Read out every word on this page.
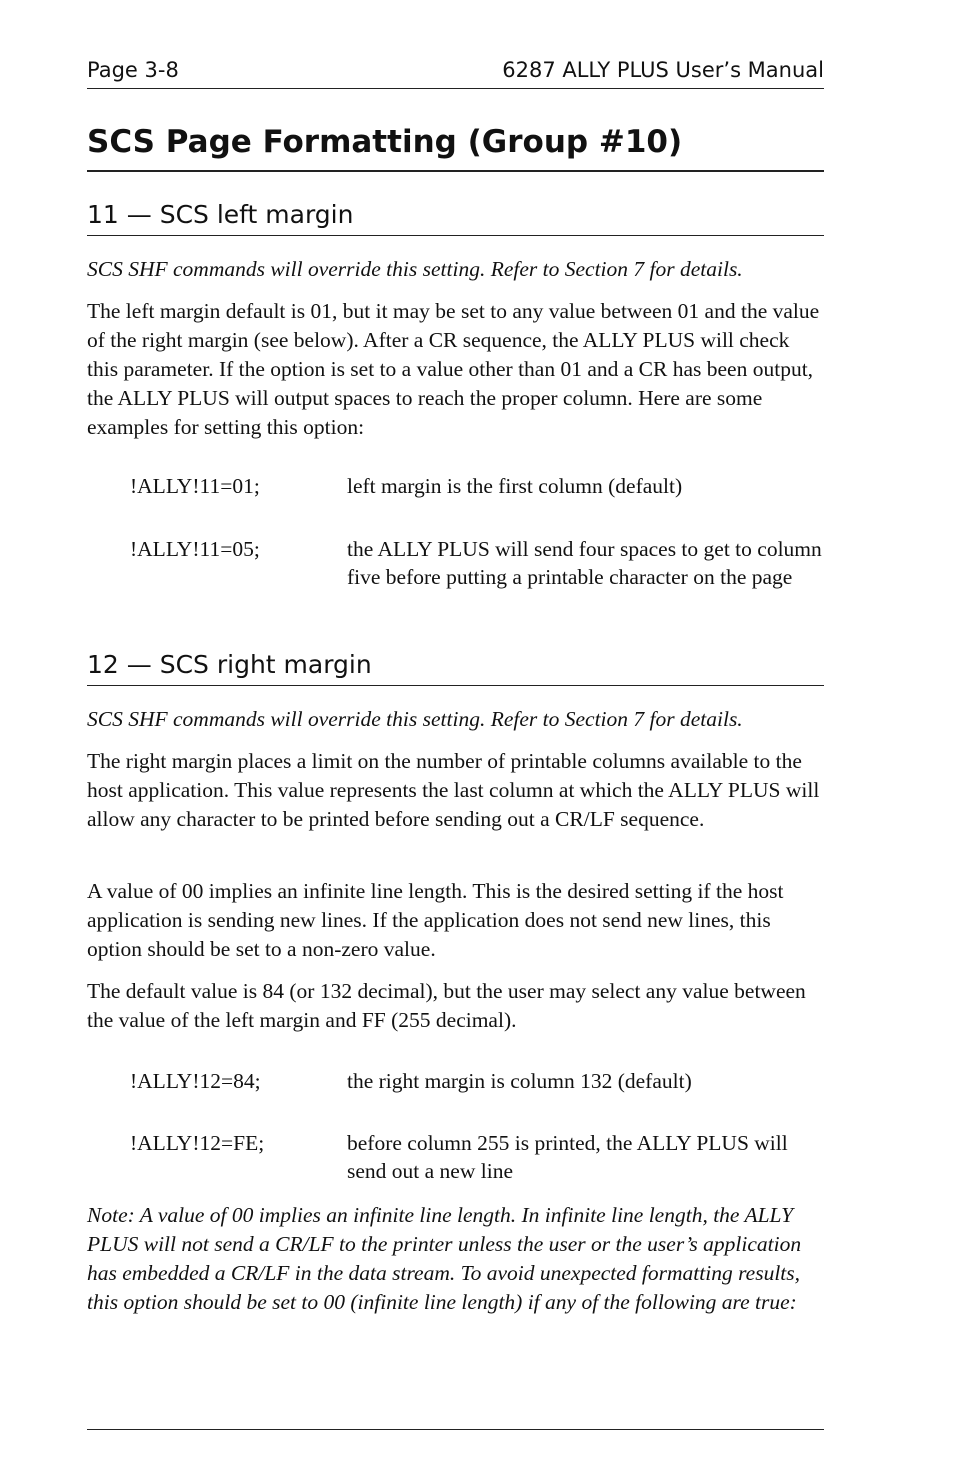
Page 3-8	6287 ALLY PLUS User’s Manual
SCS Page Formatting (Group #10)
11 — SCS left margin

SCS SHF commands will override this setting. Refer to Section 7 for details.

The left margin default is 01, but it may be set to any value between 01 and the value of the right margin (see below). After a CR sequence, the ALLY PLUS will check this parameter. If the option is set to a value other than 01 and a CR has been output, the ALLY PLUS will output spaces to reach the proper column. Here are some examples for setting this option:

!ALLY!11=01;	left margin is the first column (default)
!ALLY!11=05;	the ALLY PLUS will send four spaces to get to column five before putting a printable character on the page
12 — SCS right margin

SCS SHF commands will override this setting. Refer to Section 7 for details.

The right margin places a limit on the number of printable columns available to the host application. This value represents the last column at which the ALLY PLUS will allow any character to be printed before sending out a CR/LF sequence.

A value of 00 implies an infinite line length. This is the desired setting if the host application is sending new lines. If the application does not send new lines, this option should be set to a non-zero value.

The default value is 84 (or 132 decimal), but the user may select any value between the value of the left margin and FF (255 decimal).

!ALLY!12=84;	the right margin is column 132 (default)
!ALLY!12=FE;	before column 255 is printed, the ALLY PLUS will send out a new line

Note: A value of 00 implies an infinite line length. In infinite line length, the ALLY PLUS will not send a CR/LF to the printer unless the user or the user’s application has embedded a CR/LF in the data stream. To avoid unexpected formatting results, this option should be set to 00 (infinite line length) if any of the following are true:
